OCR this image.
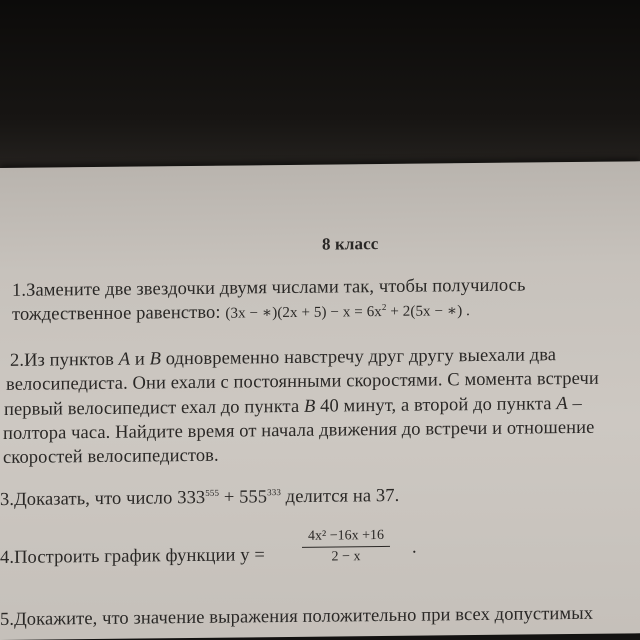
8 класс
1.Замените две звездочки двумя числами так, чтобы получилось
тождественное равенство: (3x − ∗)(2x + $5) - x = 6x^2 + 2(5x$ − ∗) .
2.Из пунктов A и B одновременно навстречу друг другу выехали два
велосипедиста. Они ехали с постоянными скоростями. С момента встречи
первый велосипедист ехал до пункта B 40 минут, а второй до пункта A –
полтора часа. Найдите время от начала движения до встречи и отношение
скоростей велосипедистов.
3.Доказать, что число $333^{555} + 555^{333}$ делится на 37.
4.Построить график функции у =	$\frac{\text{4x² −16x +16}}{2 - x}$ .
5.Докажите, что значение выражения положительно при всех допустимых
